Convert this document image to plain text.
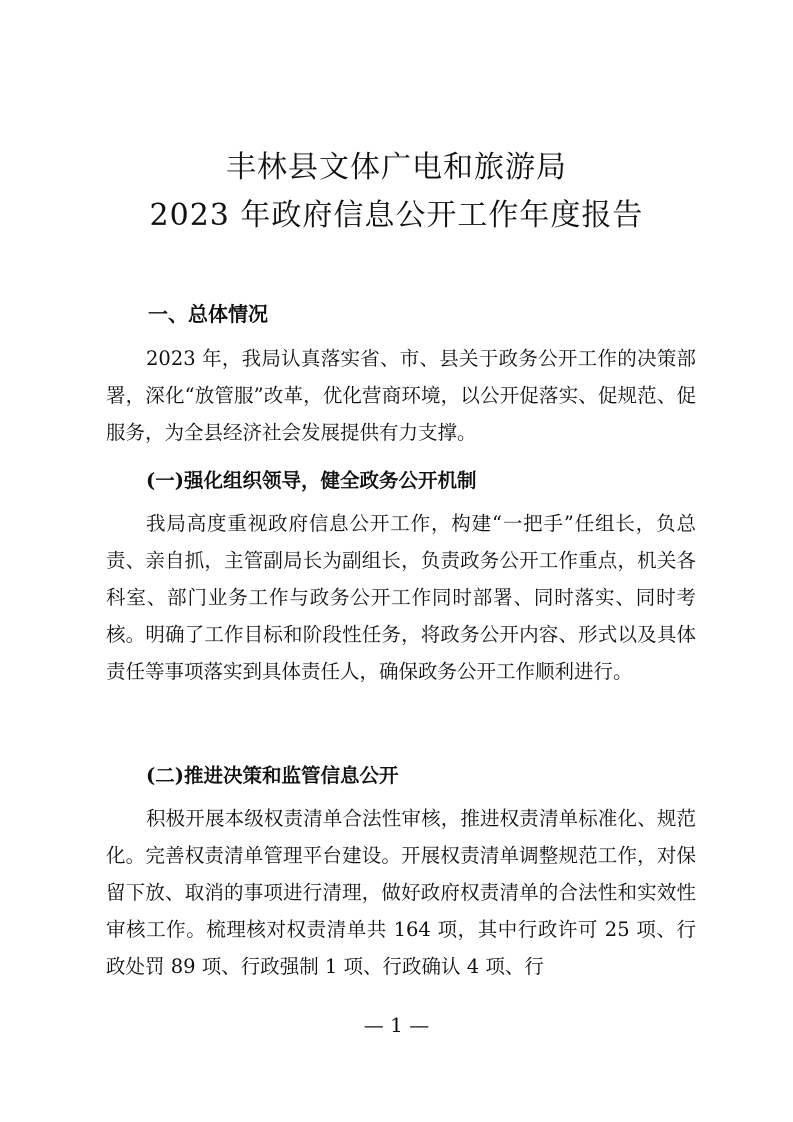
丰林县文体广电和旅游局
2023 年政府信息公开工作年度报告
一、总体情况
2023 年，我局认真落实省、市、县关于政务公开工作的决策部署，深化“放管服”改革，优化营商环境，以公开促落实、促规范、促服务，为全县经济社会发展提供有力支撑。
(一)强化组织领导，健全政务公开机制
我局高度重视政府信息公开工作，构建“一把手”任组长，负总责、亲自抓，主管副局长为副组长，负责政务公开工作重点，机关各科室、部门业务工作与政务公开工作同时部署、同时落实、同时考核。明确了工作目标和阶段性任务，将政务公开内容、形式以及具体责任等事项落实到具体责任人，确保政务公开工作顺利进行。
(二)推进决策和监管信息公开
积极开展本级权责清单合法性审核，推进权责清单标准化、规范化。完善权责清单管理平台建设。开展权责清单调整规范工作，对保留下放、取消的事项进行清理，做好政府权责清单的合法性和实效性审核工作。梳理核对权责清单共 164 项，其中行政许可 25 项、行政处罚 89 项、行政强制 1 项、行政确认 4 项、行
— 1 —
